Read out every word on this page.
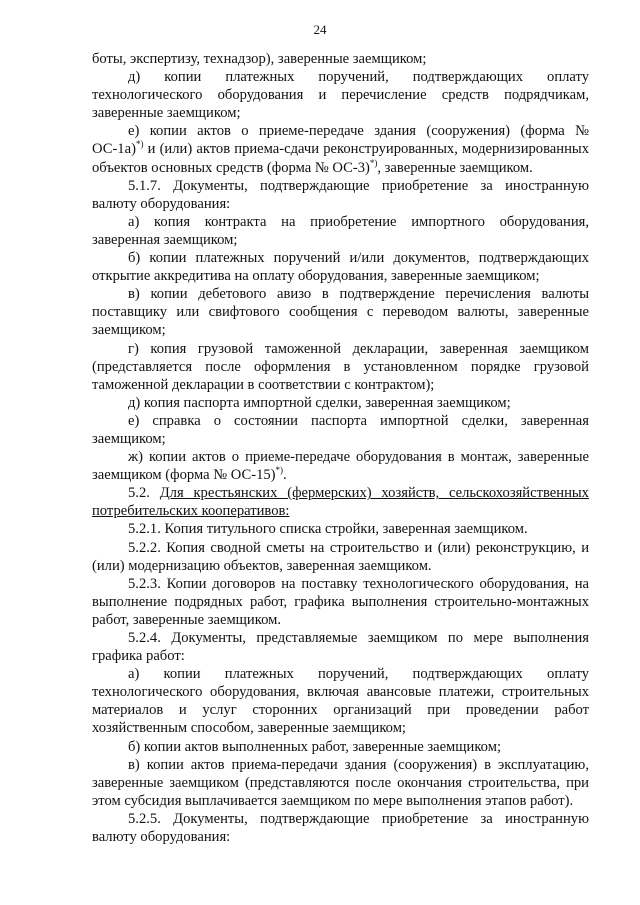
24

боты, экспертизу, технадзор), заверенные заемщиком;

д) копии платежных поручений, подтверждающих оплату технологического оборудования и перечисление средств подрядчикам, заверенные заемщиком;

е) копии актов о приеме-передаче здания (сооружения) (форма № ОС-1а)*) и (или) актов приема-сдачи реконструированных, модернизированных объектов основных средств (форма № ОС-3)*), заверенные заемщиком.

5.1.7. Документы, подтверждающие приобретение за иностранную валюту оборудования:

а) копия контракта на приобретение импортного оборудования, заверенная заемщиком;

б) копии платежных поручений и/или документов, подтверждающих открытие аккредитива на оплату оборудования, заверенные заемщиком;

в) копии дебетового авизо в подтверждение перечисления валюты поставщику или свифтового сообщения с переводом валюты, заверенные заемщиком;

г) копия грузовой таможенной декларации, заверенная заемщиком (представляется после оформления в установленном порядке грузовой таможенной декларации в соответствии с контрактом);

д) копия паспорта импортной сделки, заверенная заемщиком;

е) справка о состоянии паспорта импортной сделки, заверенная заемщиком;

ж) копии актов о приеме-передаче оборудования в монтаж, заверенные заемщиком (форма № ОС-15)*).

5.2. Для крестьянских (фермерских) хозяйств, сельскохозяйственных потребительских кооперативов:

5.2.1. Копия титульного списка стройки, заверенная заемщиком.

5.2.2. Копия сводной сметы на строительство и (или) реконструкцию, и (или) модернизацию объектов, заверенная заемщиком.

5.2.3. Копии договоров на поставку технологического оборудования, на выполнение подрядных работ, графика выполнения строительно-монтажных работ, заверенные заемщиком.

5.2.4. Документы, представляемые заемщиком по мере выполнения графика работ:

а) копии платежных поручений, подтверждающих оплату технологического оборудования, включая авансовые платежи, строительных материалов и услуг сторонних организаций при проведении работ хозяйственным способом, заверенные заемщиком;

б) копии актов выполненных работ, заверенные заемщиком;

в) копии актов приема-передачи здания (сооружения) в эксплуатацию, заверенные заемщиком (представляются после окончания строительства, при этом субсидия выплачивается заемщиком по мере выполнения этапов работ).

5.2.5. Документы, подтверждающие приобретение за иностранную валюту оборудования:
